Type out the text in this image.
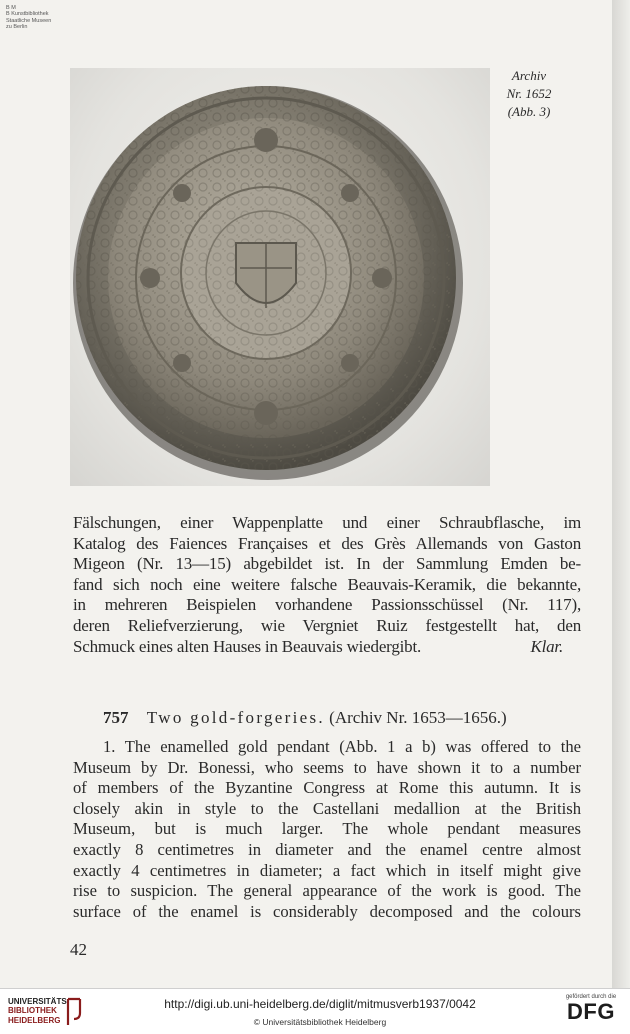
B M
B Kunstbibliothek
Staatliche Museen
zu Berlin
Archiv
Nr. 1652
(Abb. 3)
Fälschungen, einer Wappenplatte und einer Schraubflasche, im
Katalog des Faiences Françaises et des Grès Allemands von Gaston
Migeon (Nr. 13—15) abgebildet ist. In der Sammlung Emden be-
fand sich noch eine weitere falsche Beauvais-Keramik, die bekannte,
in mehreren Beispielen vorhandene Passionsschüssel (Nr. 117),
deren Reliefverzierung, wie Vergniet Ruiz festgestellt hat, den
Schmuck eines alten Hauses in Beauvais wiedergibt.	Klar.
757 Two gold-forgeries. (Archiv Nr. 1653—1656.)
1. The enamelled gold pendant (Abb. 1 a b) was offered to the
Museum by Dr. Bonessi, who seems to have shown it to a number
of members of the Byzantine Congress at Rome this autumn. It is
closely akin in style to the Castellani medallion at the British
Museum, but is much larger. The whole pendant measures
exactly 8 centimetres in diameter and the enamel centre almost
exactly 4 centimetres in diameter; a fact which in itself might give
rise to suspicion. The general appearance of the work is good. The
surface of the enamel is considerably decomposed and the colours
42
UNIVERSITÄTS-
BIBLIOTHEK
HEIDELBERG
http://digi.ub.uni-heidelberg.de/diglit/mitmusverb1937/0042
© Universitätsbibliothek Heidelberg
gefördert durch die
DFG
